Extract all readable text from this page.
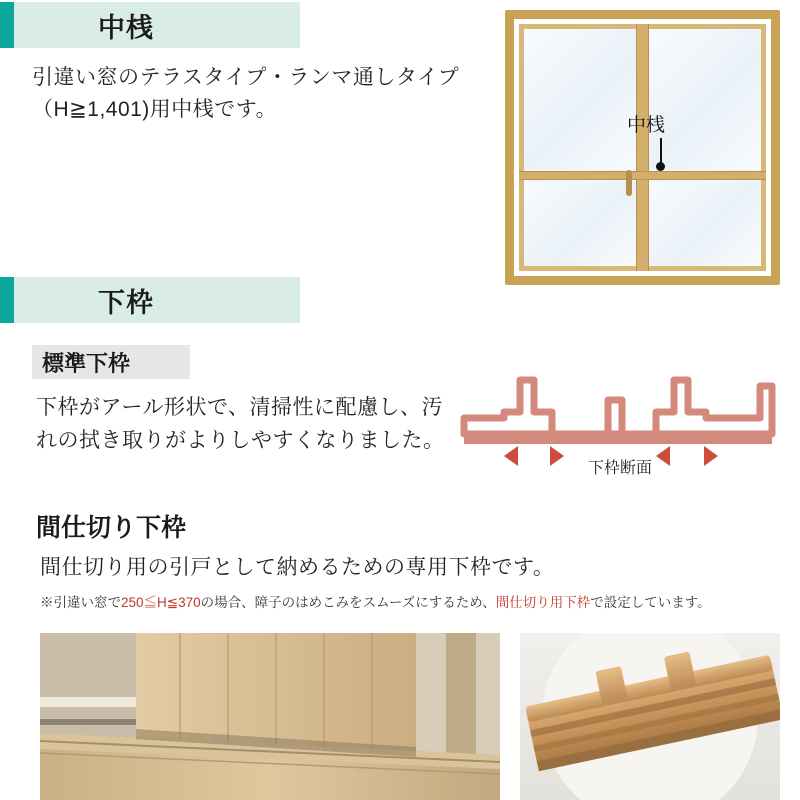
中桟
引違い窓のテラスタイプ・ランマ通しタイプ（H≧1,401)用中桟です。
中桟
下枠
標準下枠
下枠がアール形状で、清掃性に配慮し、汚れの拭き取りがよりしやすくなりました。
下枠断面
間仕切り下枠
間仕切り用の引戸として納めるための専用下枠です。
※引違い窓で250≦H≦370の場合、障子のはめこみをスムーズにするため、間仕切り用下枠で設定しています。
